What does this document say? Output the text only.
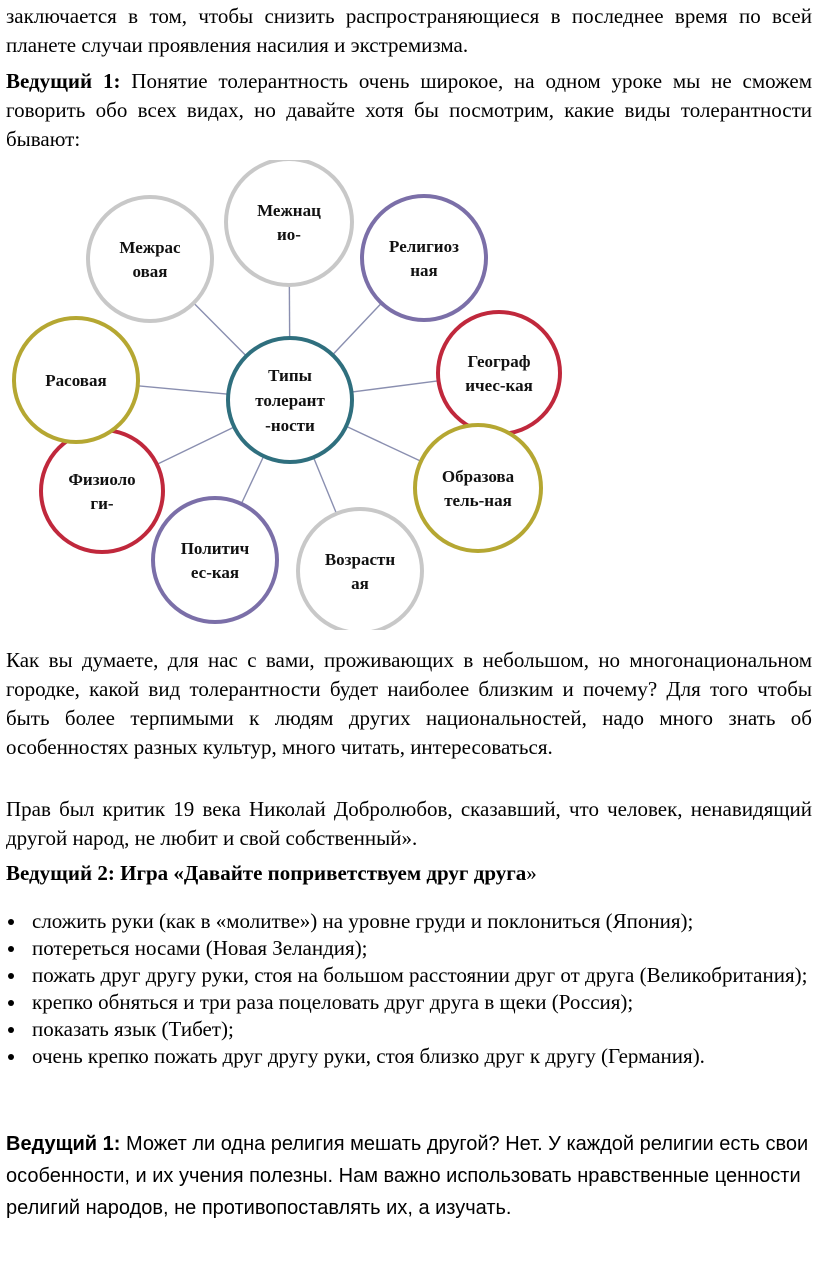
заключается в том, чтобы снизить распространяющиеся в последнее время по всей планете случаи проявления насилия и экстремизма.

Ведущий 1: Понятие толерантность очень широкое, на одном уроке мы не сможем говорить обо всех видах, но давайте хотя бы посмотрим, какие виды толерантности бывают:

Межнац
ио-
Религиоз
ная
Географ
ичес-кая
Образова
тель-ная
Возрастн
ая
Политич
ес-кая
Физиоло
ги-
Расовая
Межрас
овая
Типы
толерант
-ности

Как вы думаете, для нас с вами, проживающих в небольшом, но многонациональном городке, какой вид толерантности будет наиболее близким и почему? Для того чтобы быть более терпимыми к людям других национальностей, надо много знать об особенностях разных культур, много читать, интересоваться.

Прав был критик 19 века Николай Добролюбов, сказавший, что человек, ненавидящий другой народ, не любит и свой собственный».

Ведущий 2: Игра «Давайте поприветствуем друг друга»

сложить руки (как в «молитве») на уровне груди и поклониться (Япония);
потереться носами (Новая Зеландия);
пожать друг другу руки, стоя на большом расстоянии друг от друга (Великобритания);
крепко обняться и три раза поцеловать друг друга в щеки (Россия);
показать язык (Тибет);
очень крепко пожать друг другу руки, стоя близко друг к другу (Германия).

Ведущий 1: Может ли одна религия мешать другой? Нет. У каждой религии есть свои особенности, и их учения полезны. Нам важно использовать нравственные ценности религий народов, не противопоставлять их, а изучать.
